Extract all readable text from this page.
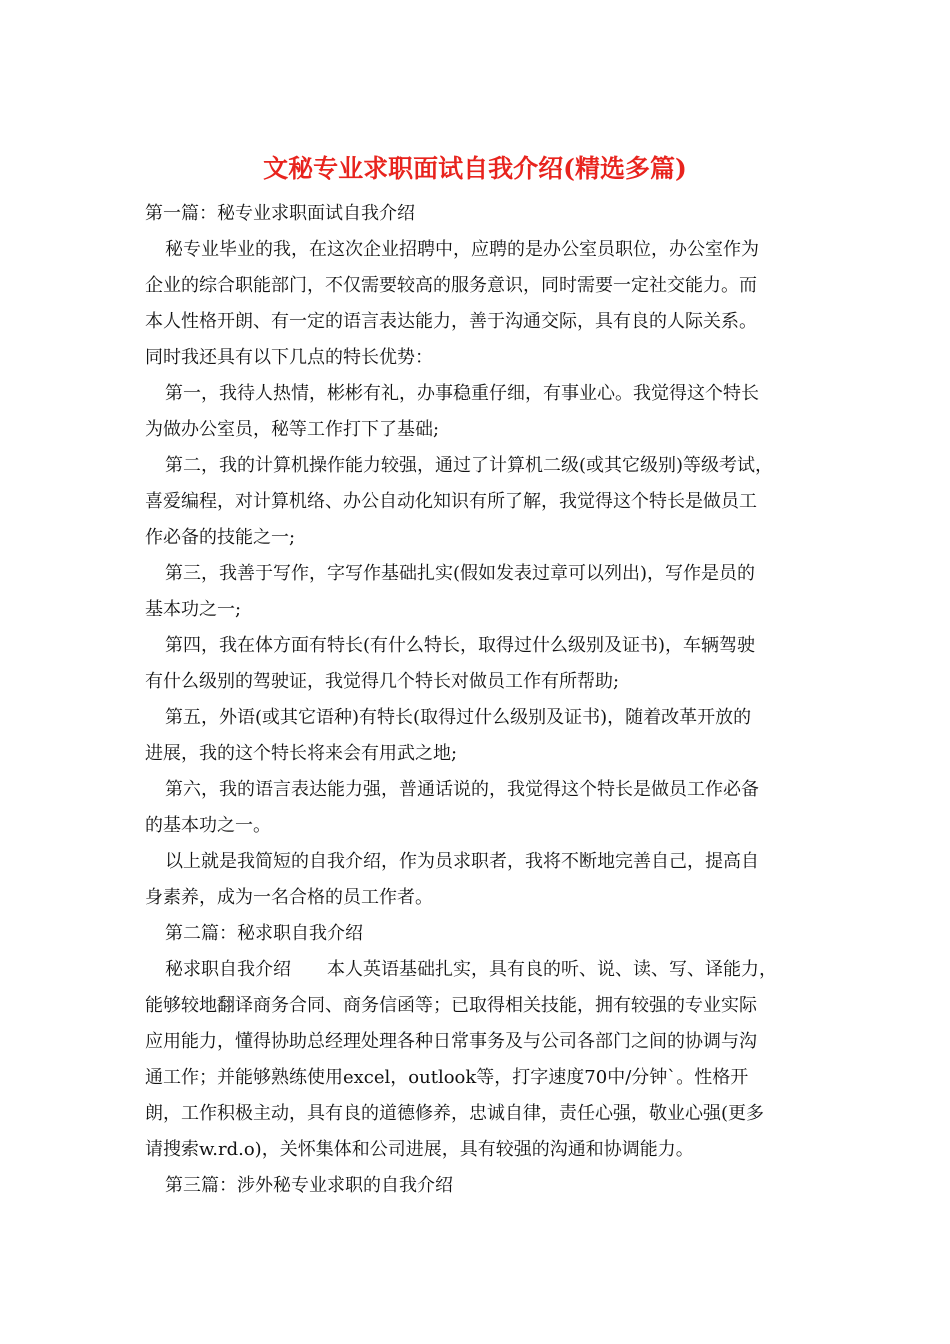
文秘专业求职面试自我介绍(精选多篇)
第一篇：秘专业求职面试自我介绍
秘专业毕业的我，在这次企业招聘中，应聘的是办公室员职位，办公室作为
企业的综合职能部门，不仅需要较高的服务意识，同时需要一定社交能力。而
本人性格开朗、有一定的语言表达能力，善于沟通交际，具有良的人际关系。
同时我还具有以下几点的特长优势：
第一，我待人热情，彬彬有礼，办事稳重仔细，有事业心。我觉得这个特长
为做办公室员，秘等工作打下了基础;
第二，我的计算机操作能力较强，通过了计算机二级(或其它级别)等级考试，
喜爱编程，对计算机络、办公自动化知识有所了解，我觉得这个特长是做员工
作必备的技能之一;
第三，我善于写作，字写作基础扎实(假如发表过章可以列出)，写作是员的
基本功之一;
第四，我在体方面有特长(有什么特长，取得过什么级别及证书)，车辆驾驶
有什么级别的驾驶证，我觉得几个特长对做员工作有所帮助;
第五，外语(或其它语种)有特长(取得过什么级别及证书)，随着改革开放的
进展，我的这个特长将来会有用武之地;
第六，我的语言表达能力强，普通话说的，我觉得这个特长是做员工作必备
的基本功之一。
以上就是我简短的自我介绍，作为员求职者，我将不断地完善自己，提高自
身素养，成为一名合格的员工作者。
第二篇：秘求职自我介绍
秘求职自我介绍　　本人英语基础扎实，具有良的听、说、读、写、译能力，
能够较地翻译商务合同、商务信函等；已取得相关技能，拥有较强的专业实际
应用能力，懂得协助总经理处理各种日常事务及与公司各部门之间的协调与沟
通工作；并能够熟练使用excel，outlook等，打字速度70中/分钟`。性格开
朗，工作积极主动，具有良的道德修养，忠诚自律，责任心强，敬业心强(更多
请搜索w.rd.o)，关怀集体和公司进展，具有较强的沟通和协调能力。
第三篇：涉外秘专业求职的自我介绍
